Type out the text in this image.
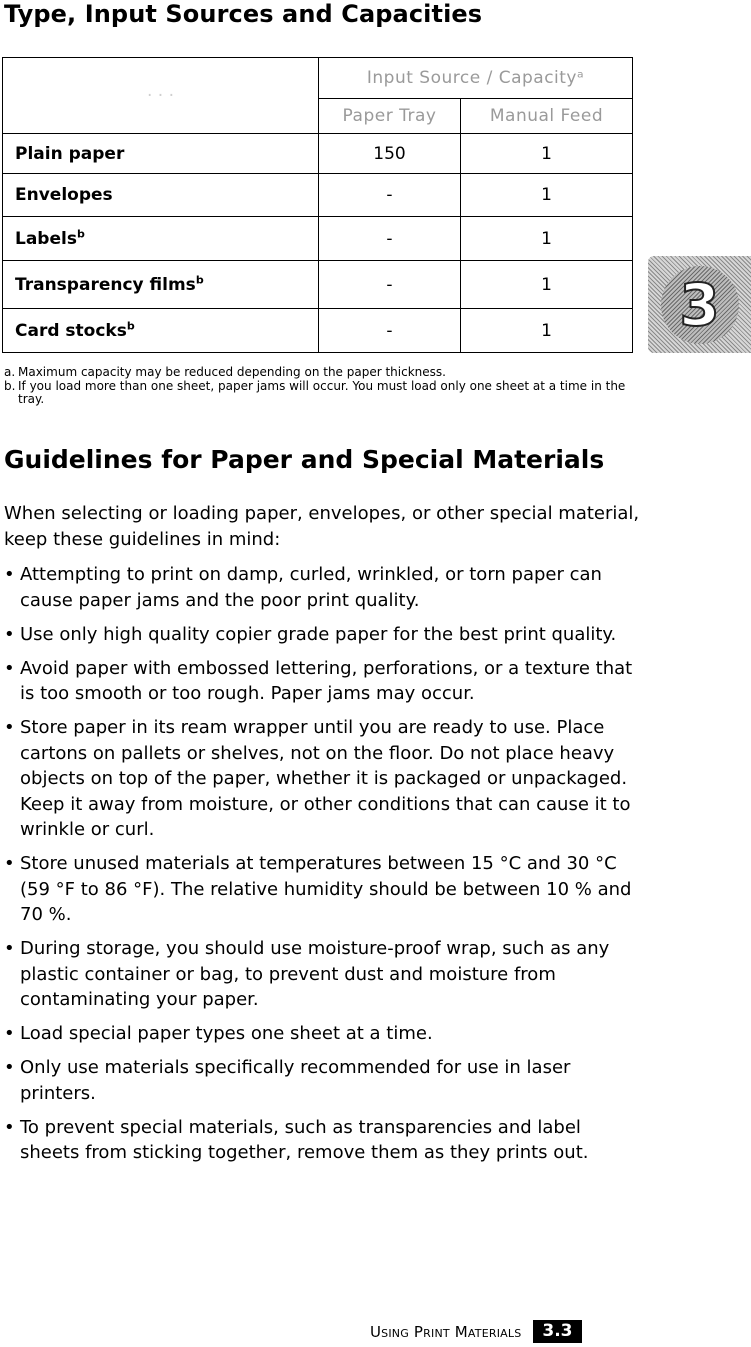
Type, Input Sources and Capacities
· · ·	Input Source / Capacityᵃ	
	Paper Tray	Manual Feed
Plain paper	150	1
Envelopes	-	1
Labels$^b$	-	1
Transparency films$^b$	-	1
Card stocks$^b$	-	1 3
a. Maximum capacity may be reduced depending on the paper thickness.
b. If you load more than one sheet, paper jams will occur. You must load only one sheet at a time in the tray.
Guidelines for Paper and Special Materials

When selecting or loading paper, envelopes, or other special material, keep these guidelines in mind:

• Attempting to print on damp, curled, wrinkled, or torn paper can cause paper jams and the poor print quality.
• Use only high quality copier grade paper for the best print quality.
• Avoid paper with embossed lettering, perforations, or a texture that is too smooth or too rough. Paper jams may occur.
• Store paper in its ream wrapper until you are ready to use. Place cartons on pallets or shelves, not on the floor. Do not place heavy objects on top of the paper, whether it is packaged or unpackaged. Keep it away from moisture, or other conditions that can cause it to wrinkle or curl.
• Store unused materials at temperatures between 15 °C and 30 °C (59 °F to 86 °F). The relative humidity should be between 10 % and 70 %.
• During storage, you should use moisture-proof wrap, such as any plastic container or bag, to prevent dust and moisture from contaminating your paper.
• Load special paper types one sheet at a time.
• Only use materials specifically recommended for use in laser printers.
• To prevent special materials, such as transparencies and label sheets from sticking together, remove them as they prints out.
Using Print Materials	3.3
